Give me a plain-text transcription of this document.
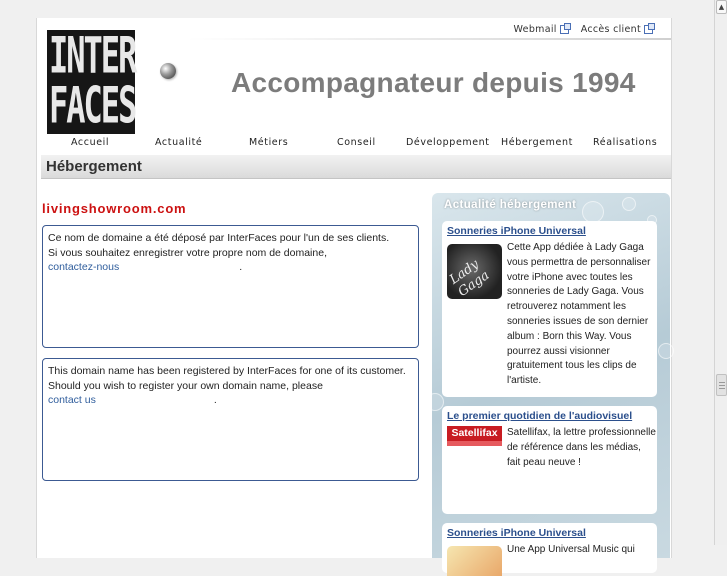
Webmail	Accès client
INTER
FACES	Accompagnateur depuis 1994
Accueil	Actualité	Métiers	Conseil	Développement Hébergement Réalisations
Hébergement
livingshowroom.com
Ce nom de domaine a été déposé par InterFaces pour l'un de ses clients.
Si vous souhaitez enregistrer votre propre nom de domaine,
contactez-nous	.
This domain name has been registered by InterFaces for one of its customer.
Should you wish to register your own domain name, please
contact us	.
Actualité hébergement
Sonneries iPhone Universal
Lady Gaga
Cette App dédiée à Lady Gaga vous permettra de personnaliser votre iPhone avec toutes les sonneries de Lady Gaga. Vous retrouverez notamment les sonneries issues de son dernier album : Born this Way. Vous pourrez aussi visionner gratuitement tous les clips de l'artiste.
Le premier quotidien de l'audiovisuel
Satellifax Satellifax, la lettre professionnelle de référence dans les médias, fait peau neuve !
Sonneries iPhone Universal
Une App Universal Music qui
▲
